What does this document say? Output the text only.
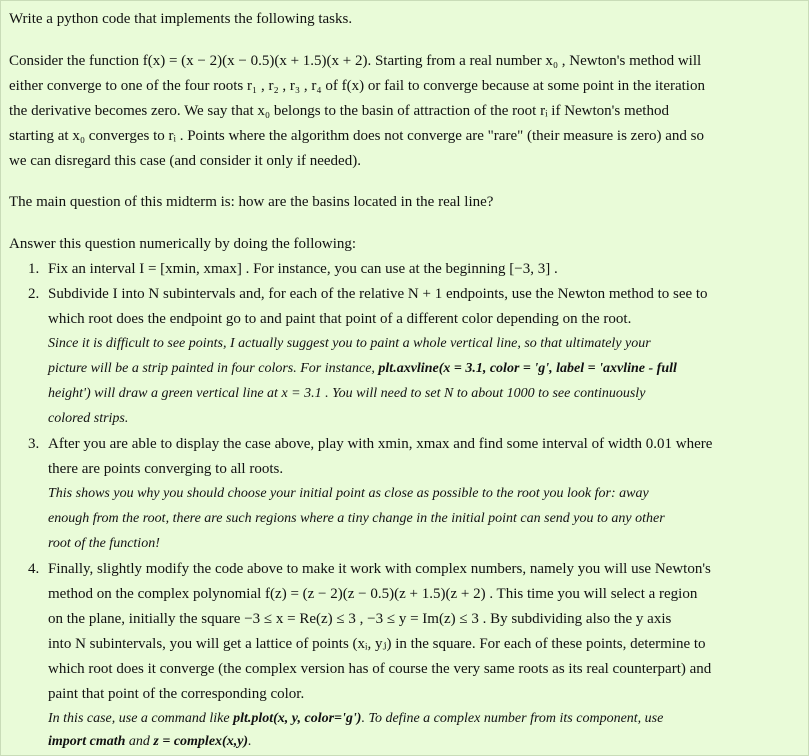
Write a python code that implements the following tasks.
Consider the function f(x) = (x − 2)(x − 0.5)(x + 1.5)(x + 2). Starting from a real number x₀ , Newton's method will
either converge to one of the four roots r₁ , r₂ , r₃ , r₄ of f(x) or fail to converge because at some point in the iteration
the derivative becomes zero. We say that x₀ belongs to the basin of attraction of the root rᵢ if Newton's method
starting at x₀ converges to rᵢ . Points where the algorithm does not converge are "rare" (their measure is zero) and so
we can disregard this case (and consider it only if needed).
The main question of this midterm is: how are the basins located in the real line?
Answer this question numerically by doing the following:
1. Fix an interval I = [xmin, xmax] . For instance, you can use at the beginning [−3, 3] .
2. Subdivide I into N subintervals and, for each of the relative N + 1 endpoints, use the Newton method to see to
which root does the endpoint go to and paint that point of a different color depending on the root.
Since it is difficult to see points, I actually suggest you to paint a whole vertical line, so that ultimately your
picture will be a strip painted in four colors. For instance, plt.axvline(x = 3.1, color = 'g', label = 'axvline - full
height') will draw a green vertical line at x = 3.1 . You will need to set N to about 1000 to see continuously
colored strips.
3. After you are able to display the case above, play with xmin, xmax and find some interval of width 0.01 where
there are points converging to all roots.
This shows you why you should choose your initial point as close as possible to the root you look for: away
enough from the root, there are such regions where a tiny change in the initial point can send you to any other
root of the function!
4. Finally, slightly modify the code above to make it work with complex numbers, namely you will use Newton's
method on the complex polynomial f(z) = (z − 2)(z − 0.5)(z + 1.5)(z + 2) . This time you will select a region
on the plane, initially the square −3 ≤ x = Re(z) ≤ 3 , −3 ≤ y = Im(z) ≤ 3 . By subdividing also the y axis
into N subintervals, you will get a lattice of points (xᵢ, yⱼ) in the square. For each of these points, determine to
which root does it converge (the complex version has of course the very same roots as its real counterpart) and
paint that point of the corresponding color.
In this case, use a command like plt.plot(x, y, color='g'). To define a complex number from its component, use
import cmath and z = complex(x,y).
